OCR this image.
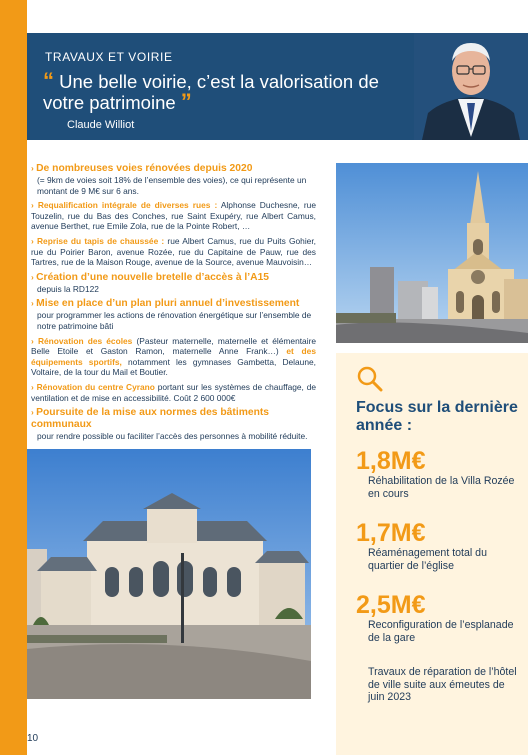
TRAVAUX ET VOIRIE
“ Une belle voirie, c’est la valorisation de votre patrimoine ”
Claude Williot
› De nombreuses voies rénovées depuis 2020
(= 9km de voies soit 18% de l’ensemble des voies), ce qui représente un montant de 9 M€ sur 6 ans.
› Requalification intégrale de diverses rues : Alphonse Duchesne, rue Touzelin, rue du Bas des Conches, rue Saint Exupéry, rue Albert Camus, avenue Berthet, rue Emile Zola, rue de la Pointe Robert, …
› Reprise du tapis de chaussée : rue Albert Camus, rue du Puits Gohier, rue du Poirier Baron, avenue Rozée, rue du Capitaine de Pauw, rue des Tartres, rue de la Maison Rouge, avenue de la Source, avenue Mauvoisin…
› Création d’une nouvelle bretelle d’accès à l’A15
depuis la RD122
› Mise en place d’un plan pluri annuel d’investissement
pour programmer les actions de rénovation énergétique sur l’ensemble de notre patrimoine bâti
› Rénovation des écoles (Pasteur maternelle, maternelle et élémentaire Belle Etoile et Gaston Ramon, maternelle Anne Frank…) et des équipements sportifs, notamment les gymnases Gambetta, Delaune, Voltaire, de la tour du Mail et Boutier.
› Rénovation du centre Cyrano portant sur les systèmes de chauffage, de ventilation et de mise en accessibilité. Coût 2 600 000€
› Poursuite de la mise aux normes des bâtiments communaux
pour rendre possible ou faciliter l’accès des personnes à mobilité réduite.
Focus sur la dernière année :
1,8M€
Réhabilitation de la Villa Rozée en cours
1,7M€
Réaménagement total du quartier de l’église
2,5M€
Reconfiguration de l’esplanade de la gare
Travaux de réparation de l’hôtel de ville suite aux émeutes de juin 2023
10
